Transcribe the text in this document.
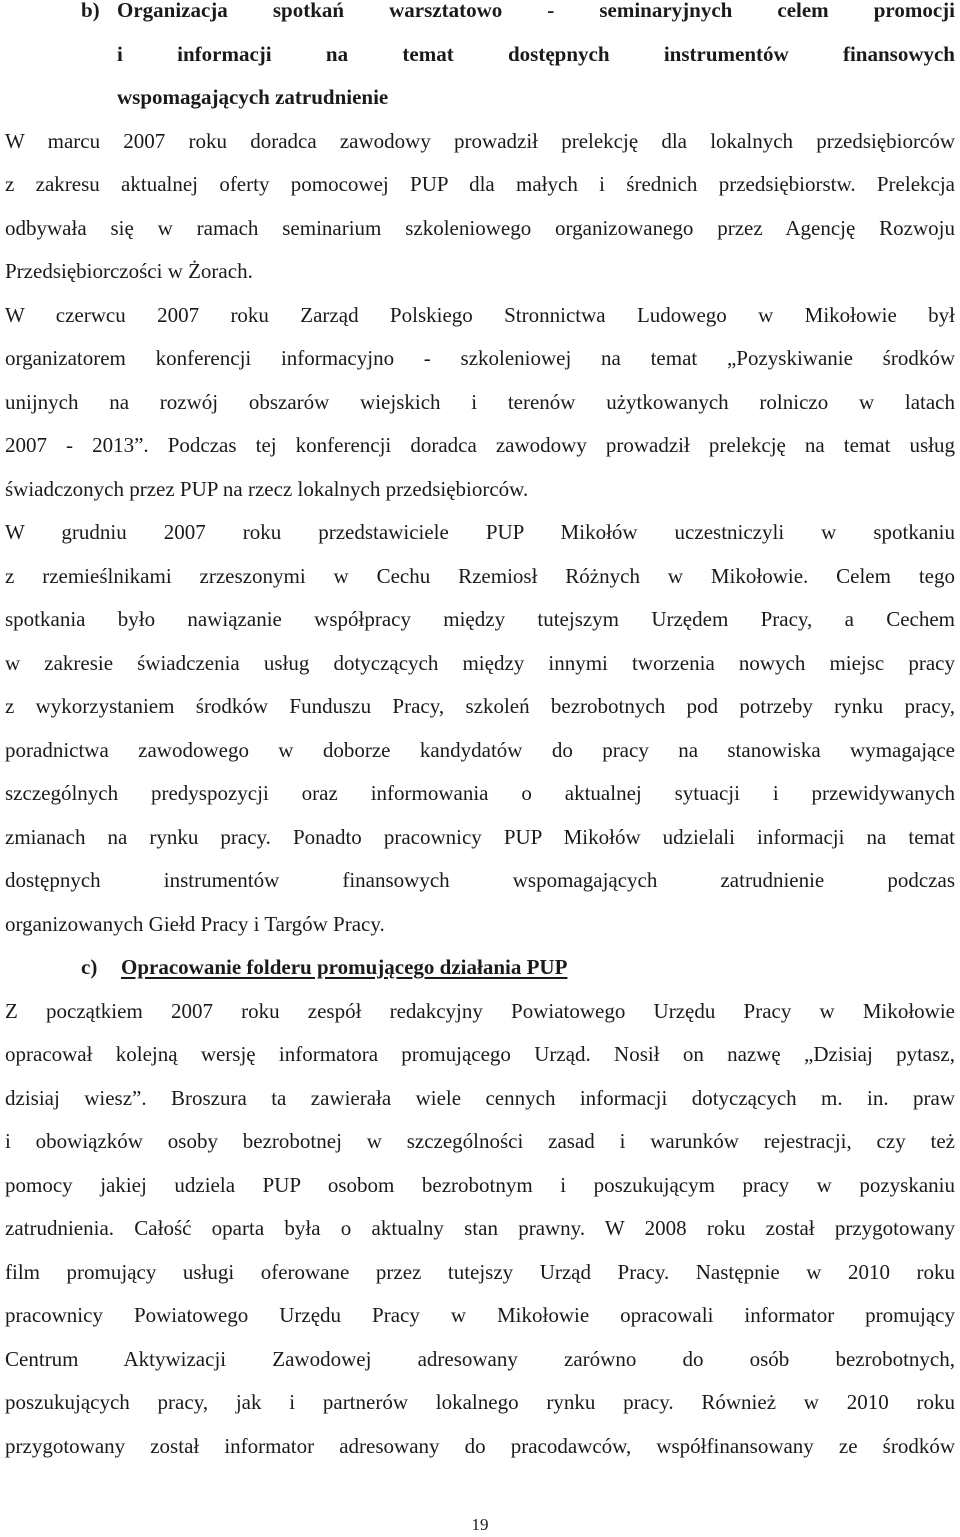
b) Organizacja spotkań warsztatowo - seminaryjnych celem promocji
i informacji na temat dostępnych instrumentów finansowych
wspomagających zatrudnienie

W marcu 2007 roku doradca zawodowy prowadził prelekcję dla lokalnych przedsiębiorców
z zakresu aktualnej oferty pomocowej PUP dla małych i średnich przedsiębiorstw. Prelekcja
odbywała się w ramach seminarium szkoleniowego organizowanego przez Agencję Rozwoju
Przedsiębiorczości w Żorach.

W czerwcu 2007 roku Zarząd Polskiego Stronnictwa Ludowego w Mikołowie był
organizatorem konferencji informacyjno - szkoleniowej na temat „Pozyskiwanie środków
unijnych na rozwój obszarów wiejskich i terenów użytkowanych rolniczo w latach
2007 - 2013”. Podczas tej konferencji doradca zawodowy prowadził prelekcję na temat usług
świadczonych przez PUP na rzecz lokalnych przedsiębiorców.

W grudniu 2007 roku przedstawiciele PUP Mikołów uczestniczyli w spotkaniu
z rzemieślnikami zrzeszonymi w Cechu Rzemiosł Różnych w Mikołowie. Celem tego
spotkania było nawiązanie współpracy między tutejszym Urzędem Pracy, a Cechem
w zakresie świadczenia usług dotyczących między innymi tworzenia nowych miejsc pracy
z wykorzystaniem środków Funduszu Pracy, szkoleń bezrobotnych pod potrzeby rynku pracy,
poradnictwa zawodowego w doborze kandydatów do pracy na stanowiska wymagające
szczególnych predyspozycji oraz informowania o aktualnej sytuacji i przewidywanych
zmianach na rynku pracy. Ponadto pracownicy PUP Mikołów udzielali informacji na temat
dostępnych instrumentów finansowych wspomagających zatrudnienie podczas
organizowanych Giełd Pracy i Targów Pracy.

c)	Opracowanie folderu promującego działania PUP

Z początkiem 2007 roku zespół redakcyjny Powiatowego Urzędu Pracy w Mikołowie
opracował kolejną wersję informatora promującego Urząd. Nosił on nazwę „Dzisiaj pytasz,
dzisiaj wiesz”. Broszura ta zawierała wiele cennych informacji dotyczących m. in. praw
i obowiązków osoby bezrobotnej w szczególności zasad i warunków rejestracji, czy też
pomocy jakiej udziela PUP osobom bezrobotnym i poszukującym pracy w pozyskaniu
zatrudnienia. Całość oparta była o aktualny stan prawny. W 2008 roku został przygotowany
film promujący usługi oferowane przez tutejszy Urząd Pracy. Następnie w 2010 roku
pracownicy Powiatowego Urzędu Pracy w Mikołowie opracowali informator promujący
Centrum Aktywizacji Zawodowej adresowany zarówno do osób bezrobotnych,
poszukujących pracy, jak i partnerów lokalnego rynku pracy. Również w 2010 roku
przygotowany został informator adresowany do pracodawców, współfinansowany ze środków

19
